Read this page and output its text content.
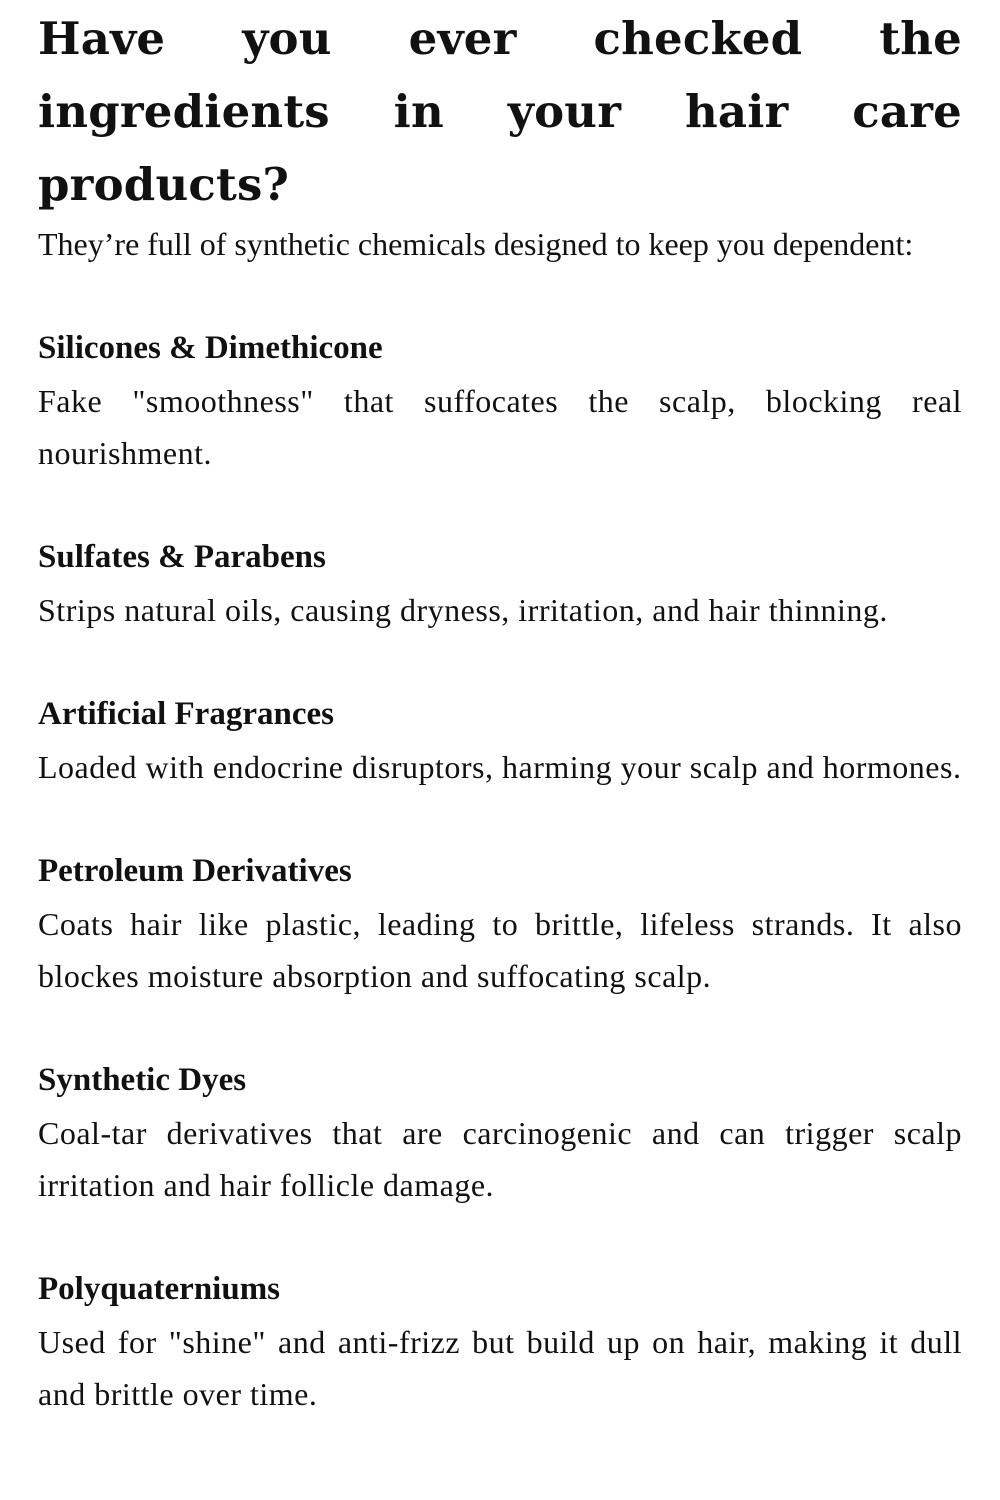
Have you ever checked the ingredients in your hair care products?

They’re full of synthetic chemicals designed to keep you dependent:

Silicones & Dimethicone

Fake "smoothness" that suffocates the scalp, blocking real nourishment.

Sulfates & Parabens

Strips natural oils, causing dryness, irritation, and hair thinning.

Artificial Fragrances

Loaded with endocrine disruptors, harming your scalp and hormones.

Petroleum Derivatives

Coats hair like plastic, leading to brittle, lifeless strands. It also blockes moisture absorption and suffocating scalp.

Synthetic Dyes

Coal-tar derivatives that are carcinogenic and can trigger scalp irritation and hair follicle damage.

Polyquaterniums

Used for "shine" and anti-frizz but build up on hair, making it dull and brittle over time.
